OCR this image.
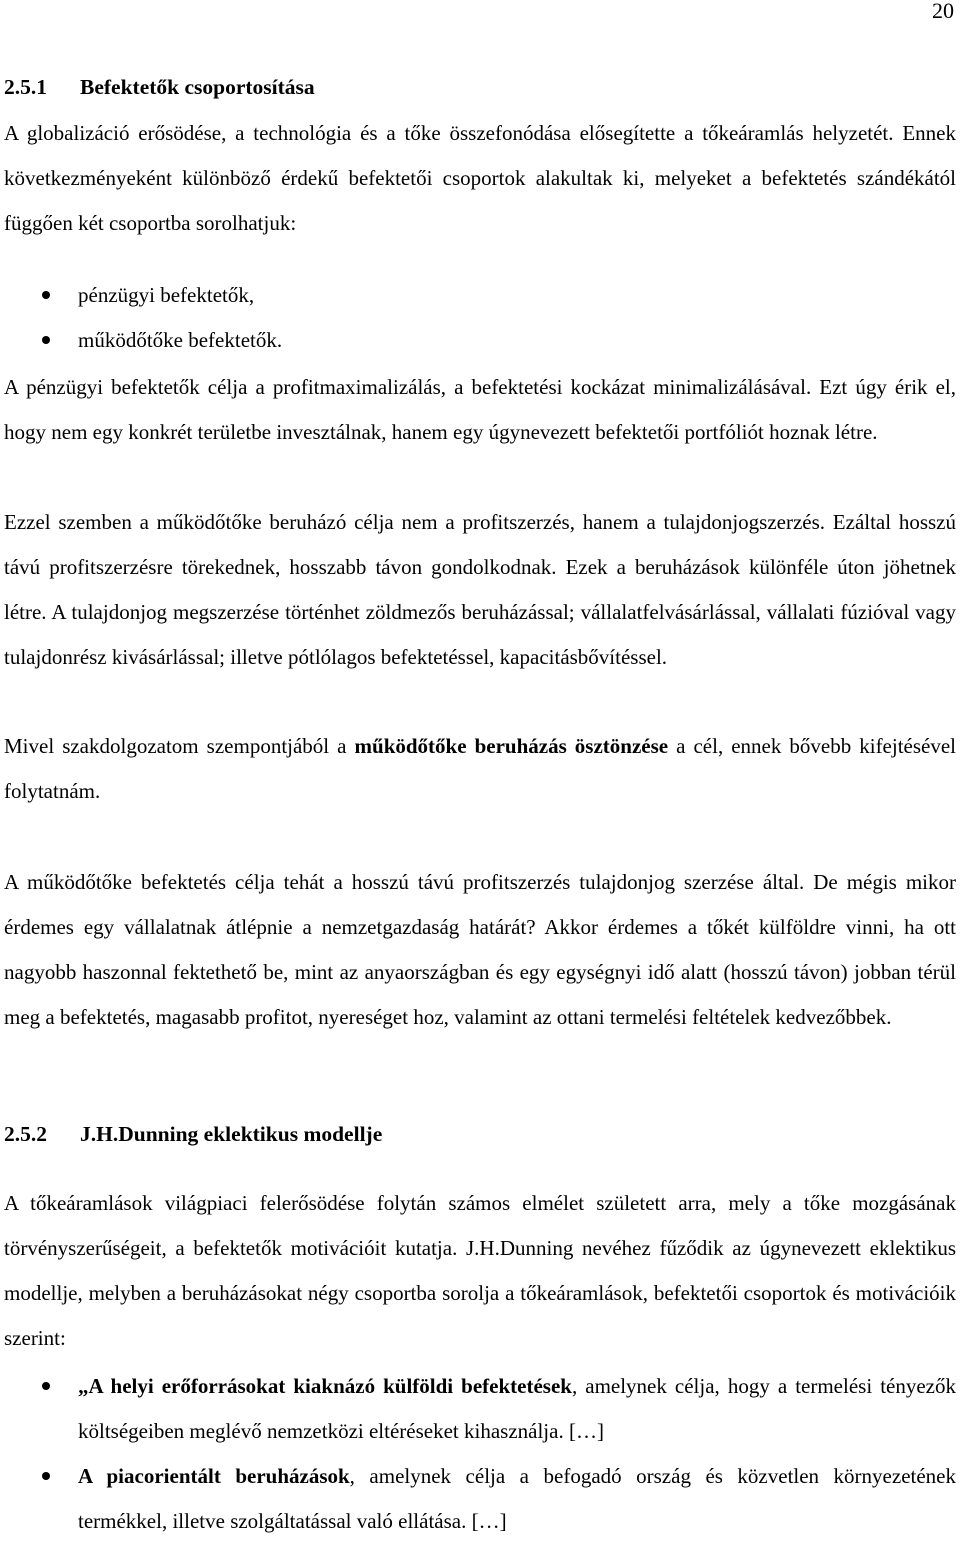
20
2.5.1 Befektetők csoportosítása
A globalizáció erősödése, a technológia és a tőke összefonódása elősegítette a tőkeáramlás helyzetét. Ennek következményeként különböző érdekű befektetői csoportok alakultak ki, melyeket a befektetés szándékától függően két csoportba sorolhatjuk:
pénzügyi befektetők,
működőtőke befektetők.
A pénzügyi befektetők célja a profitmaximalizálás, a befektetési kockázat minimalizálásával. Ezt úgy érik el, hogy nem egy konkrét területbe invesztálnak, hanem egy úgynevezett befektetői portfóliót hoznak létre.
Ezzel szemben a működőtőke beruházó célja nem a profitszerzés, hanem a tulajdonjogszerzés. Ezáltal hosszú távú profitszerzésre törekednek, hosszabb távon gondolkodnak. Ezek a beruházások különféle úton jöhetnek létre. A tulajdonjog megszerzése történhet zöldmezős beruházással; vállalatfelvásárlással, vállalati fúzióval vagy tulajdonrész kivásárlással; illetve pótlólagos befektetéssel, kapacitásbővítéssel.
Mivel szakdolgozatom szempontjából a működőtőke beruházás ösztönzése a cél, ennek bővebb kifejtésével folytatnám.
A működőtőke befektetés célja tehát a hosszú távú profitszerzés tulajdonjog szerzése által. De mégis mikor érdemes egy vállalatnak átlépnie a nemzetgazdaság határát? Akkor érdemes a tőkét külföldre vinni, ha ott nagyobb haszonnal fektethető be, mint az anyaországban és egy egységnyi idő alatt (hosszú távon) jobban térül meg a befektetés, magasabb profitot, nyereséget hoz, valamint az ottani termelési feltételek kedvezőbbek.
2.5.2 J.H.Dunning eklektikus modellje
A tőkeáramlások világpiaci felerősödése folytán számos elmélet született arra, mely a tőke mozgásának törvényszerűségeit, a befektetők motivációit kutatja. J.H.Dunning nevéhez fűződik az úgynevezett eklektikus modellje, melyben a beruházásokat négy csoportba sorolja a tőkeáramlások, befektetői csoportok és motivációik szerint:
„A helyi erőforrásokat kiaknázó külföldi befektetések, amelynek célja, hogy a termelési tényezők költségeiben meglévő nemzetközi eltéréseket kihasználja. […]
A piacorientált beruházások, amelynek célja a befogadó ország és közvetlen környezetének termékkel, illetve szolgáltatással való ellátása. […]
